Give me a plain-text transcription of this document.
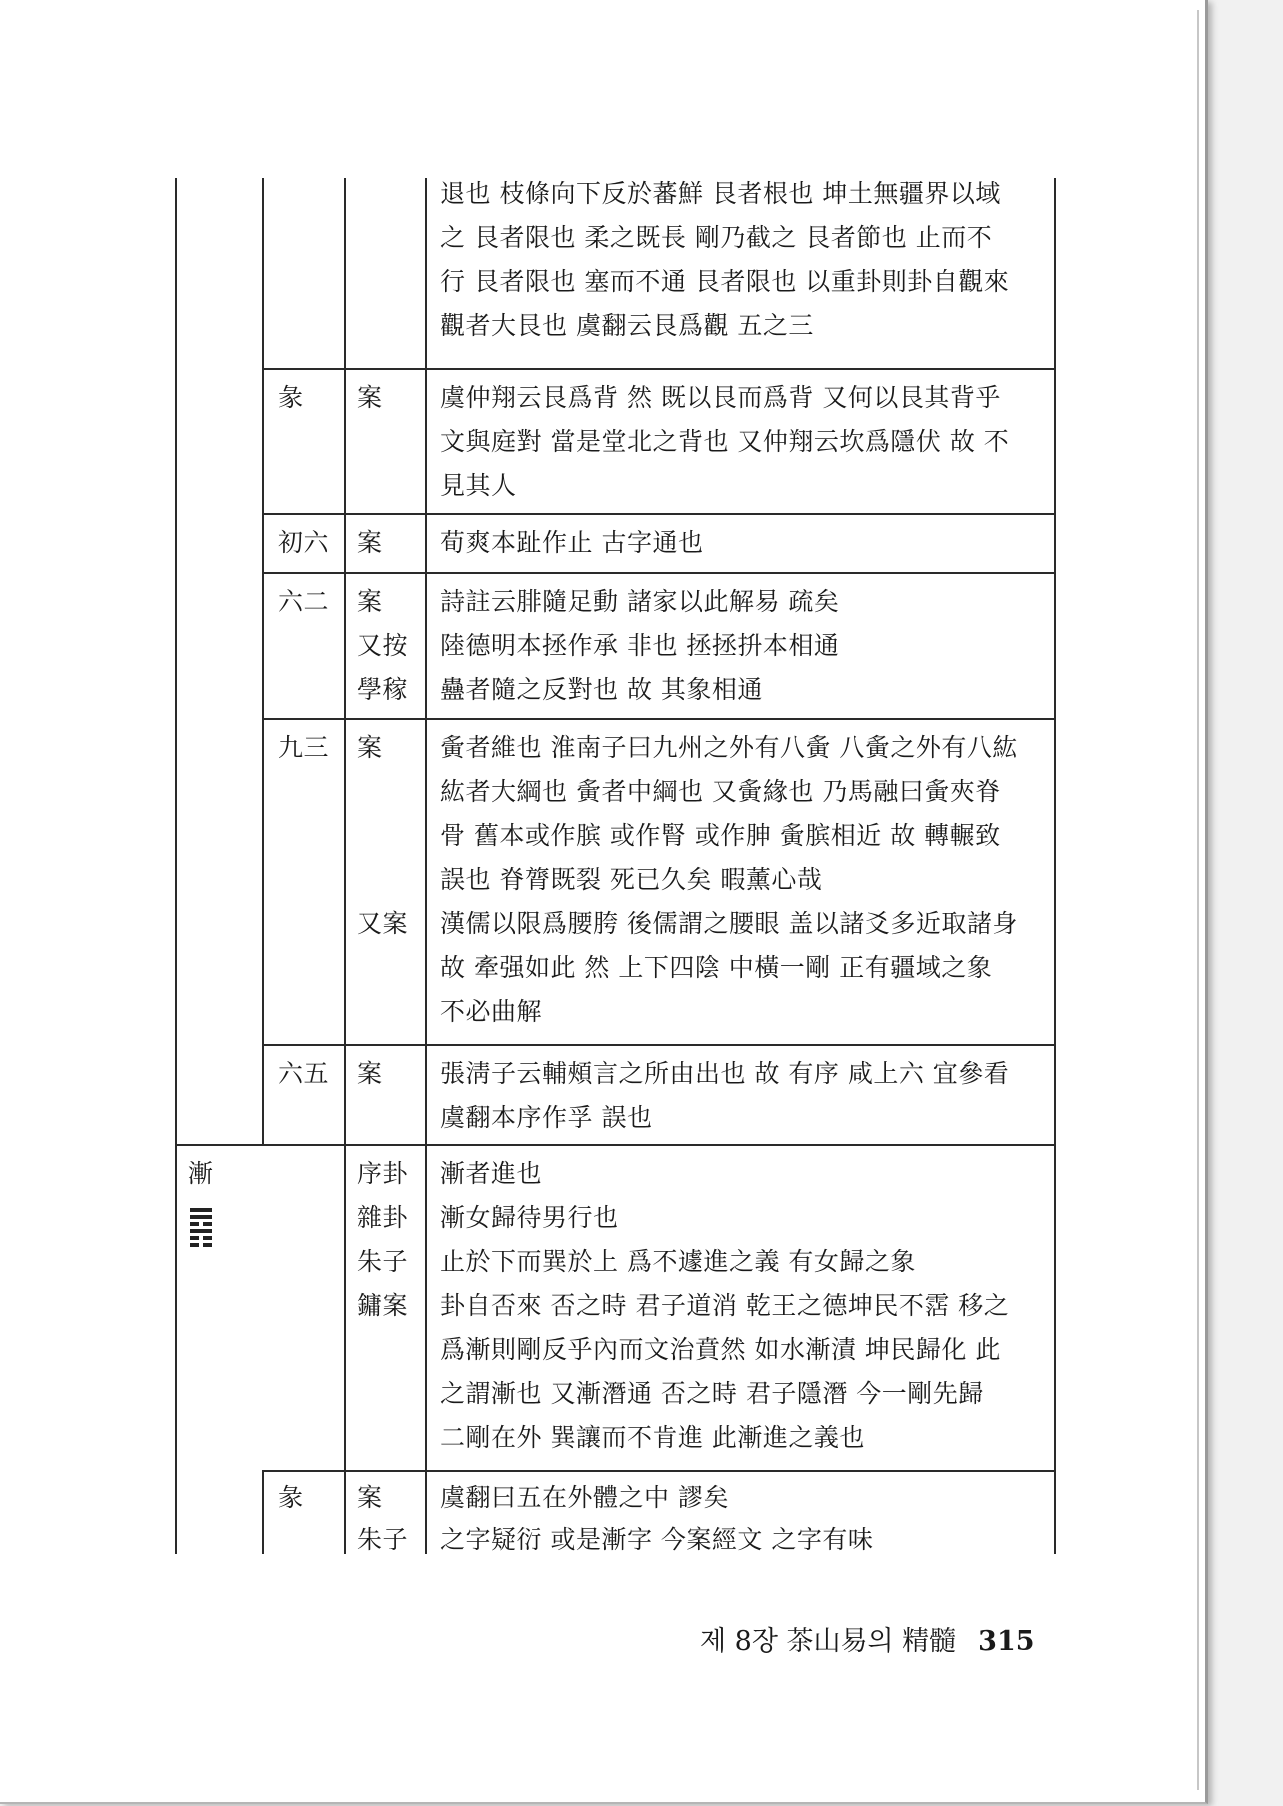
退也 枝條向下反於蕃鮮 艮者根也 坤土無疆界以域
之 艮者限也 柔之既長 剛乃截之 艮者節也 止而不
行 艮者限也 塞而不通 艮者限也 以重卦則卦自觀來
觀者大艮也 虞翻云艮爲觀 五之三
彖 案 虞仲翔云艮爲背 然 既以艮而爲背 又何以艮其背乎
文與庭對 當是堂北之背也 又仲翔云坎爲隱伏 故 不
見其人
初六 案 荀爽本趾作止 古字通也
六二 案
又按
學稼
詩註云腓隨足動 諸家以此解易 疏矣
陸德明本拯作承 非也 拯拯抍本相通
蠱者隨之反對也 故 其象相通
九三 案
又案
夤者維也 淮南子曰九州之外有八夤 八夤之外有八紘
紘者大綱也 夤者中綱也 又夤緣也 乃馬融曰夤夾脊
骨 舊本或作膑 或作腎 或作胂 夤膑相近 故 轉輾致
誤也 脊膂既裂 死已久矣 暇薰心哉
漢儒以限爲腰胯 後儒謂之腰眼 盖以諸爻多近取諸身
故 牽强如此 然 上下四陰 中橫一剛 正有疆域之象
不必曲解
六五 案 張淸子云輔頰言之所由出也 故 有序 咸上六 宜參看
虞翻本序作孚 誤也
漸	序卦
雜卦
朱子
鏞案
漸者進也
漸女歸待男行也
止於下而巽於上 爲不遽進之義 有女歸之象
卦自否來 否之時 君子道消 乾王之德坤民不霑 移之
爲漸則剛反乎內而文治賁然 如水漸漬 坤民歸化 此
之謂漸也 又漸潛通 否之時 君子隱潛 今一剛先歸
二剛在外 巽讓而不肯進 此漸進之義也
彖 案
朱子
虞翻曰五在外體之中 謬矣
之字疑衍 或是漸字 今案經文 之字有味
제 8장 茶山易의 精髓 315
